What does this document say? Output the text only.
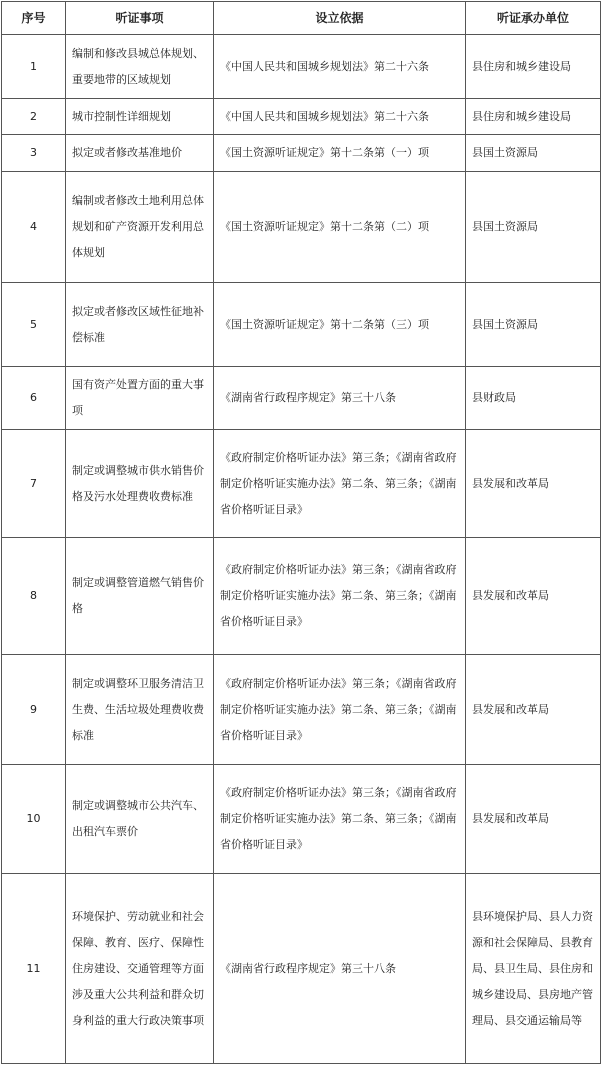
序号	听证事项	设立依据	听证承办单位
1	编制和修改县城总体规划、重要地带的区域规划	《中国人民共和国城乡规划法》第二十六条	县住房和城乡建设局
2	城市控制性详细规划	《中国人民共和国城乡规划法》第二十六条	县住房和城乡建设局
3	拟定或者修改基准地价	《国土资源听证规定》第十二条第（一）项	县国土资源局
4	编制或者修改土地利用总体规划和矿产资源开发利用总体规划	《国土资源听证规定》第十二条第（二）项	县国土资源局
5	拟定或者修改区域性征地补偿标准	《国土资源听证规定》第十二条第（三）项	县国土资源局
6	国有资产处置方面的重大事项	《湖南省行政程序规定》第三十八条	县财政局
7	制定或调整城市供水销售价格及污水处理费收费标准	《政府制定价格听证办法》第三条；《湖南省政府制定价格听证实施办法》第二条、第三条；《湖南省价格听证目录》	县发展和改革局
8	制定或调整管道燃气销售价格	《政府制定价格听证办法》第三条；《湖南省政府制定价格听证实施办法》第二条、第三条；《湖南省价格听证目录》	县发展和改革局
9	制定或调整环卫服务清洁卫生费、生活垃圾处理费收费标准	《政府制定价格听证办法》第三条；《湖南省政府制定价格听证实施办法》第二条、第三条；《湖南省价格听证目录》	县发展和改革局
10	制定或调整城市公共汽车、出租汽车票价	《政府制定价格听证办法》第三条；《湖南省政府制定价格听证实施办法》第二条、第三条；《湖南省价格听证目录》	县发展和改革局
11	环境保护、劳动就业和社会保障、教育、医疗、保障性住房建设、交通管理等方面涉及重大公共利益和群众切身利益的重大行政决策事项	《湖南省行政程序规定》第三十八条	县环境保护局、县人力资源和社会保障局、县教育局、县卫生局、县住房和城乡建设局、县房地产管理局、县交通运输局等
